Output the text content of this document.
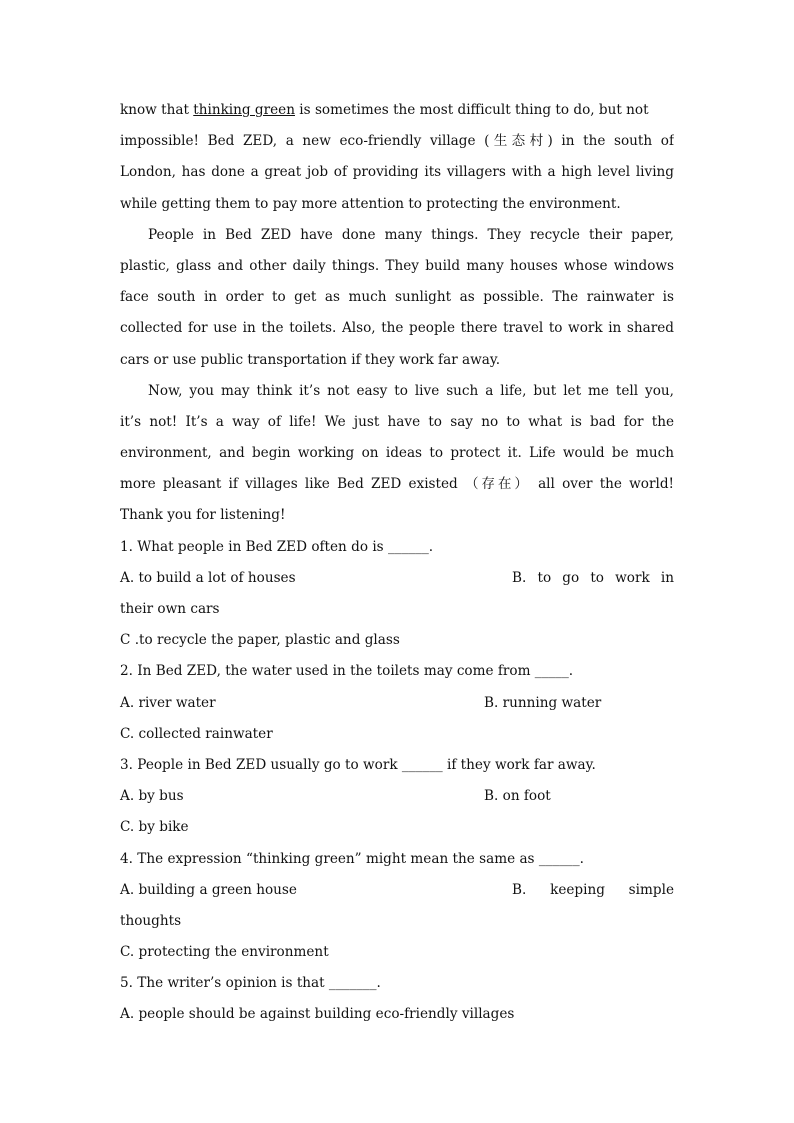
know that thinking green is sometimes the most difficult thing to do, but not
impossible! Bed ZED, a new eco-friendly village (生态村) in the south of
London, has done a great job of providing its villagers with a high level living
while getting them to pay more attention to protecting the environment.
People in Bed ZED have done many things. They recycle their paper,
plastic, glass and other daily things. They build many houses whose windows
face south in order to get as much sunlight as possible. The rainwater is
collected for use in the toilets. Also, the people there travel to work in shared
cars or use public transportation if they work far away.
Now, you may think it’s not easy to live such a life, but let me tell you,
it’s not! It’s a way of life! We just have to say no to what is bad for the
environment, and begin working on ideas to protect it. Life would be much
more pleasant if villages like Bed ZED existed （存在） all over the world!
Thank you for listening!
1. What people in Bed ZED often do is ______.
A. to build a lot of houses	B. to go to work in
their own cars
C .to recycle the paper, plastic and glass
2. In Bed ZED, the water used in the toilets may come from _____.
A. river water	B. running water
C. collected rainwater
3. People in Bed ZED usually go to work ______ if they work far away.
A. by bus	B. on foot
C. by bike
4. The expression “thinking green” might mean the same as ______.
A. building a green house	B. keeping simple
thoughts
C. protecting the environment
5. The writer’s opinion is that _______.
A. people should be against building eco-friendly villages
